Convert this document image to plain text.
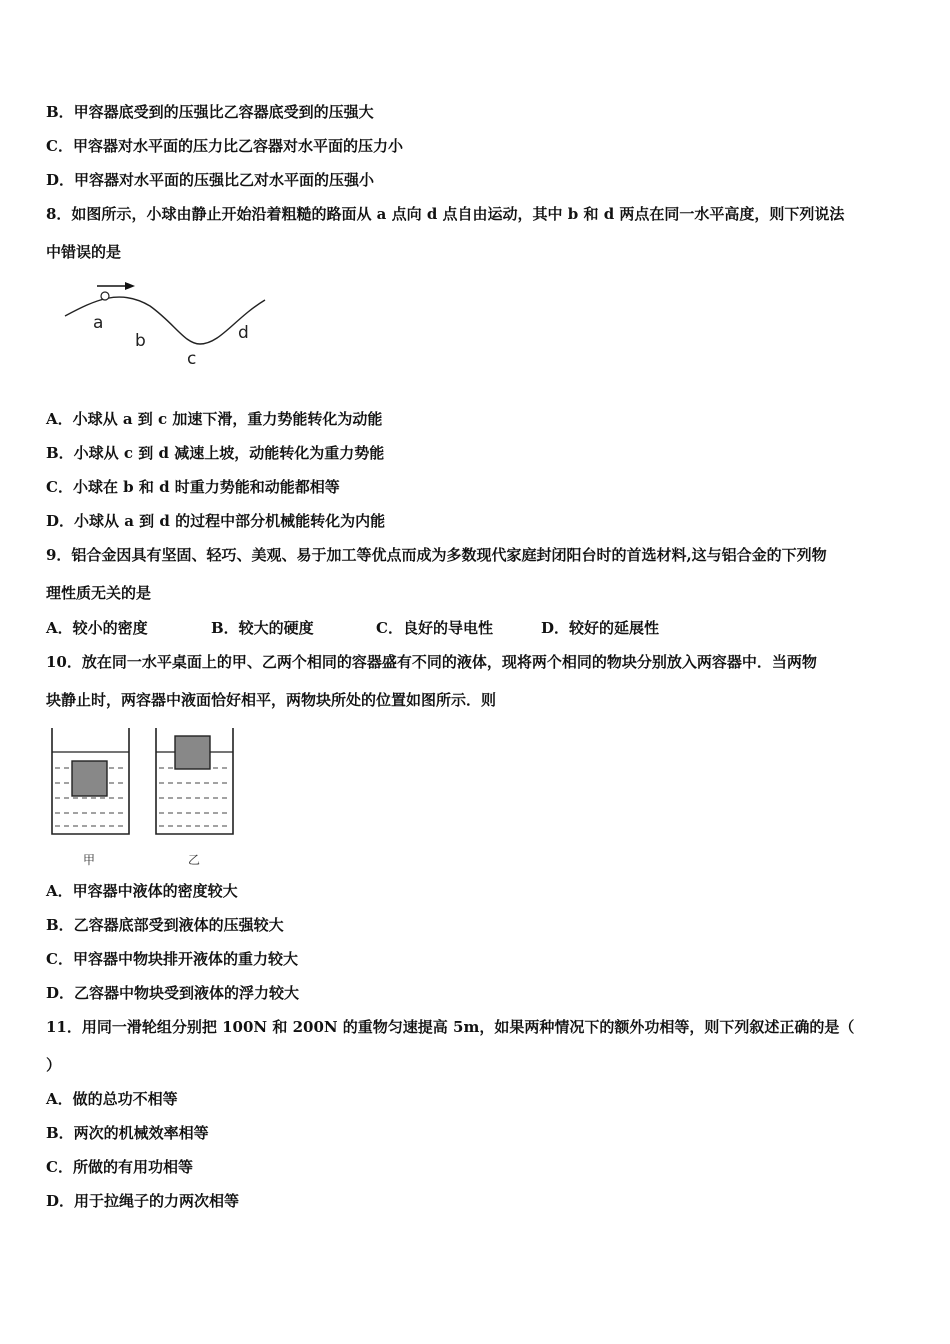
B．甲容器底受到的压强比乙容器底受到的压强大
C．甲容器对水平面的压力比乙容器对水平面的压力小
D．甲容器对水平面的压强比乙对水平面的压强小
8．如图所示，小球由静止开始沿着粗糙的路面从 a 点向 d 点自由运动，其中 b 和 d 两点在同一水平高度，则下列说法
中错误的是
a
b
c
d
A．小球从 a 到 c 加速下滑，重力势能转化为动能
B．小球从 c 到 d 减速上坡，动能转化为重力势能
C．小球在 b 和 d 时重力势能和动能都相等
D．小球从 a 到 d 的过程中部分机械能转化为内能
9．铝合金因具有坚固、轻巧、美观、易于加工等优点而成为多数现代家庭封闭阳台时的首选材料,这与铝合金的下列物
理性质无关的是
A．较小的密度	B．较大的硬度	C．良好的导电性	D．较好的延展性
10．放在同一水平桌面上的甲、乙两个相同的容器盛有不同的液体，现将两个相同的物块分别放入两容器中．当两物
块静止时，两容器中液面恰好相平，两物块所处的位置如图所示．则
甲	乙
A．甲容器中液体的密度较大
B．乙容器底部受到液体的压强较大
C．甲容器中物块排开液体的重力较大
D．乙容器中物块受到液体的浮力较大
11．用同一滑轮组分别把 100N 和 200N 的重物匀速提高 5m，如果两种情况下的额外功相等，则下列叙述正确的是（
）
A．做的总功不相等
B．两次的机械效率相等
C．所做的有用功相等
D．用于拉绳子的力两次相等
